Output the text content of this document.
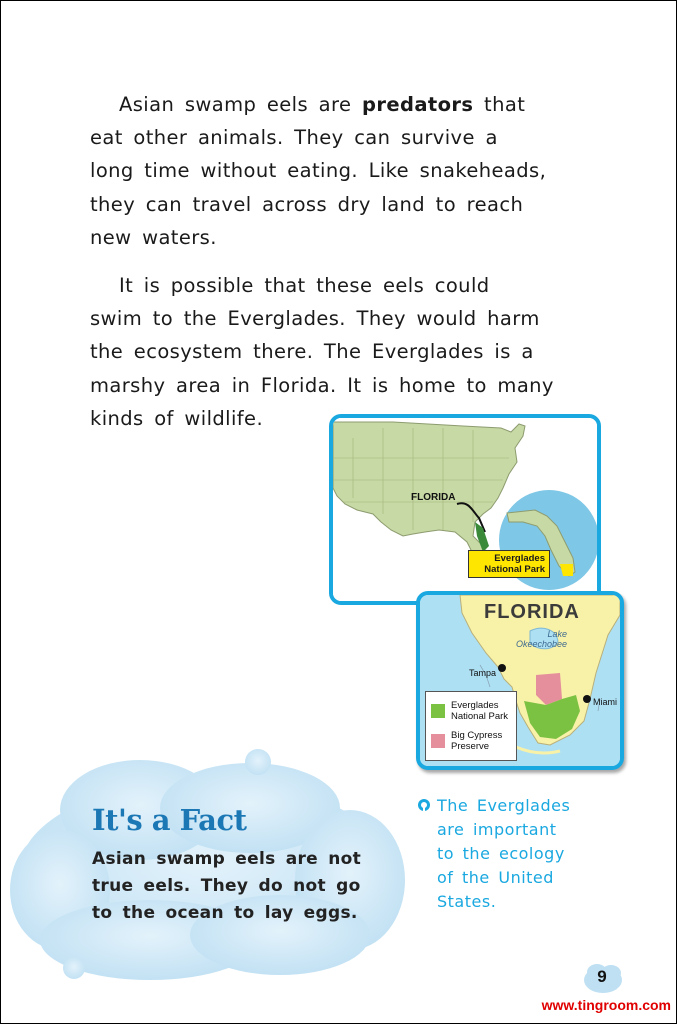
Asian swamp eels are predators that
eat other animals. They can survive a
long time without eating. Like snakeheads,
they can travel across dry land to reach
new waters.
It is possible that these eels could
swim to the Everglades. They would harm
the ecosystem there. The Everglades is a
marshy area in Florida. It is home to many
kinds of wildlife.
FLORIDA
Everglades
National Park
FLORIDA
Lake
Okeechobee
Tampa
Miami
Everglades
National Park
Big Cypress
Preserve
The Everglades
are important
to the ecology
of the United
States.
It's a Fact
Asian swamp eels are not
true eels. They do not go
to the ocean to lay eggs.
9
www.tingroom.com
